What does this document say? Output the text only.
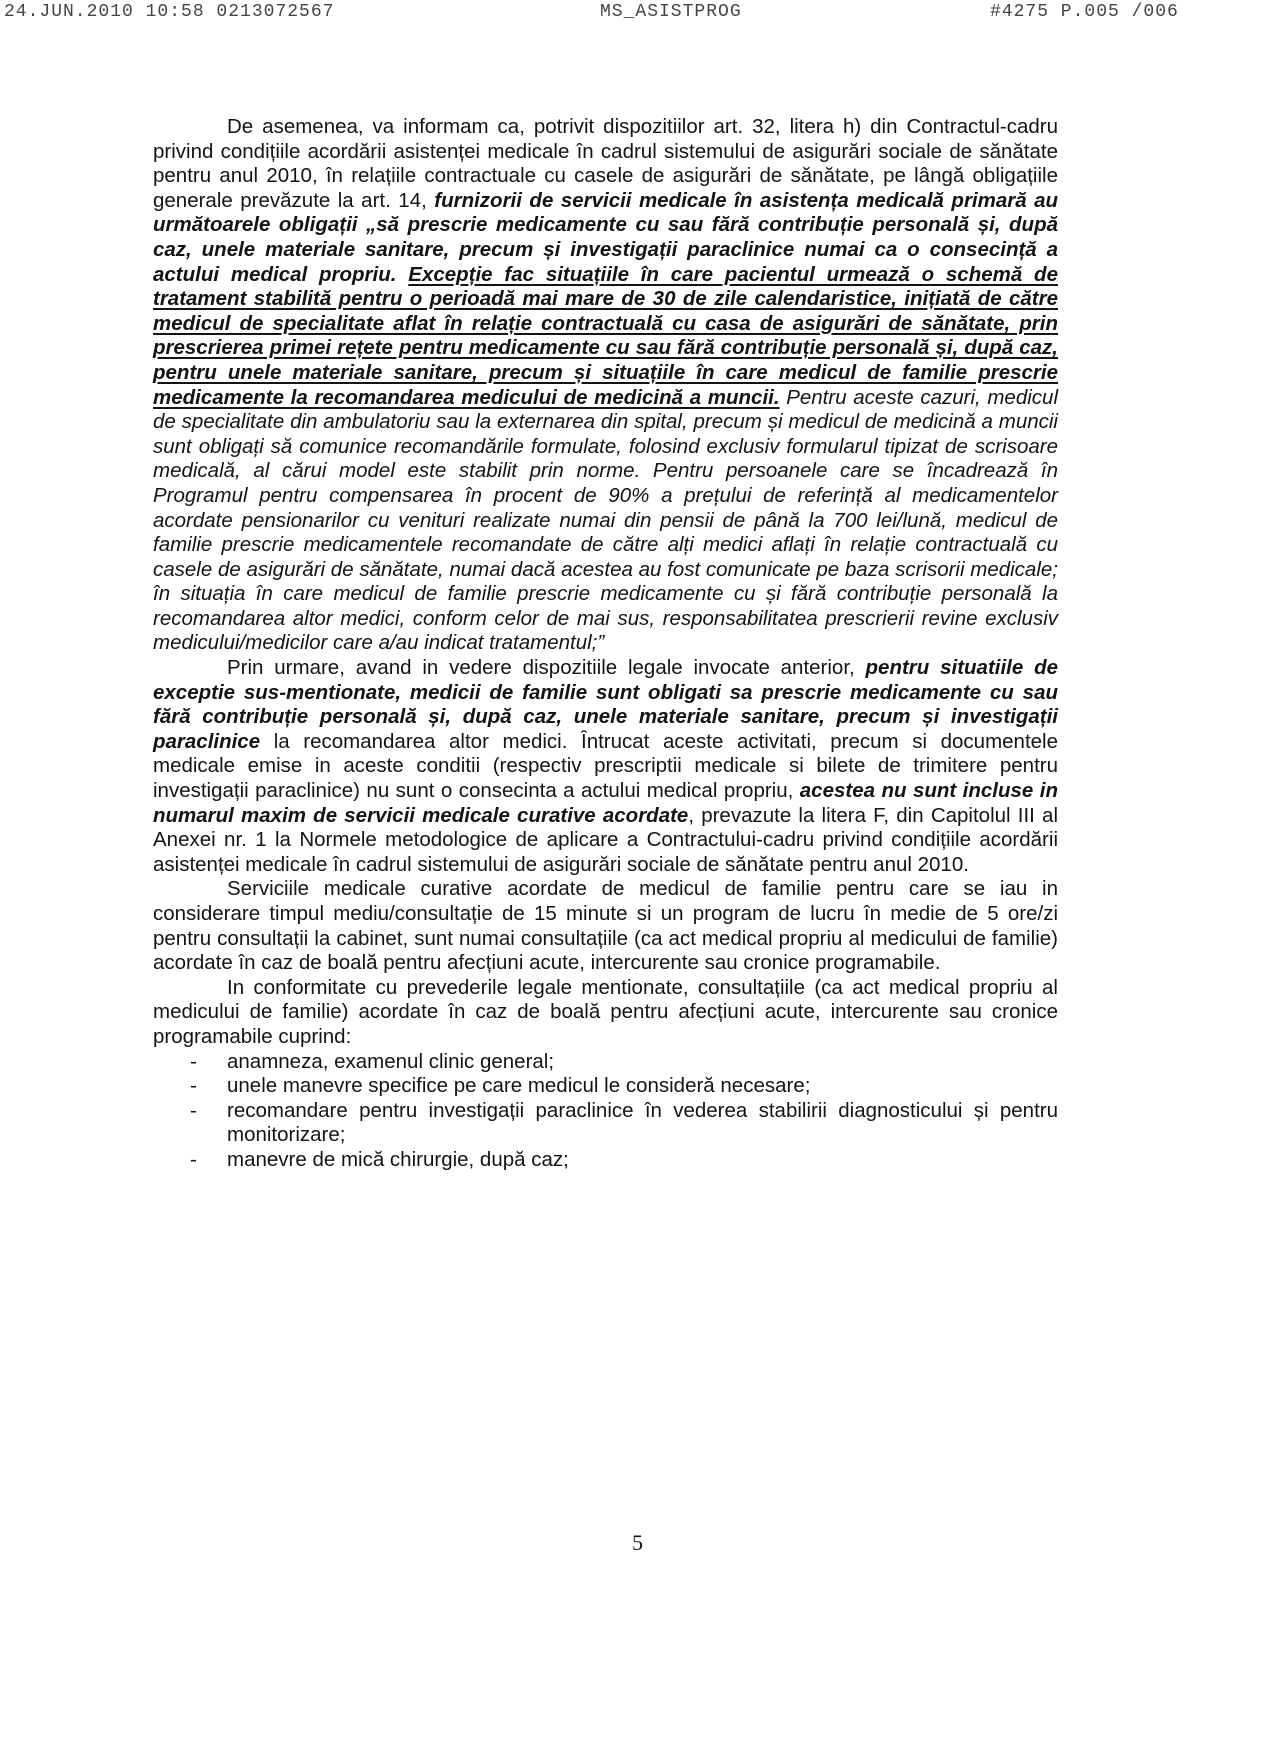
24.JUN.2010 10:58 0213072567	MS_ASISTPROG	#4275 P.005 /006

De asemenea, va informam ca, potrivit dispozitiilor art. 32, litera h) din Contractul-cadru privind condițiile acordării asistenței medicale în cadrul sistemului de asigurări sociale de sănătate pentru anul 2010, în relațiile contractuale cu casele de asigurări de sănătate, pe lângă obligațiile generale prevăzute la art. 14, furnizorii de servicii medicale în asistența medicală primară au următoarele obligații „să prescrie medicamente cu sau fără contribuție personală și, după caz, unele materiale sanitare, precum și investigații paraclinice numai ca o consecință a actului medical propriu. Excepție fac situațiile în care pacientul urmează o schemă de tratament stabilită pentru o perioadă mai mare de 30 de zile calendaristice, inițiată de către medicul de specialitate aflat în relație contractuală cu casa de asigurări de sănătate, prin prescrierea primei rețete pentru medicamente cu sau fără contribuție personală și, după caz, pentru unele materiale sanitare, precum și situațiile în care medicul de familie prescrie medicamente la recomandarea medicului de medicină a muncii. Pentru aceste cazuri, medicul de specialitate din ambulatoriu sau la externarea din spital, precum și medicul de medicină a muncii sunt obligați să comunice recomandările formulate, folosind exclusiv formularul tipizat de scrisoare medicală, al cărui model este stabilit prin norme. Pentru persoanele care se încadrează în Programul pentru compensarea în procent de 90% a prețului de referință al medicamentelor acordate pensionarilor cu venituri realizate numai din pensii de până la 700 lei/lună, medicul de familie prescrie medicamentele recomandate de către alți medici aflați în relație contractuală cu casele de asigurări de sănătate, numai dacă acestea au fost comunicate pe baza scrisorii medicale; în situația în care medicul de familie prescrie medicamente cu și fără contribuție personală la recomandarea altor medici, conform celor de mai sus, responsabilitatea prescrierii revine exclusiv medicului/medicilor care a/au indicat tratamentul;”

Prin urmare, avand in vedere dispozitiile legale invocate anterior, pentru situatiile de exceptie sus-mentionate, medicii de familie sunt obligati sa prescrie medicamente cu sau fără contribuție personală și, după caz, unele materiale sanitare, precum și investigații paraclinice la recomandarea altor medici. Întrucat aceste activitati, precum si documentele medicale emise in aceste conditii (respectiv prescriptii medicale si bilete de trimitere pentru investigații paraclinice) nu sunt o consecinta a actului medical propriu, acestea nu sunt incluse in numarul maxim de servicii medicale curative acordate, prevazute la litera F, din Capitolul III al Anexei nr. 1 la Normele metodologice de aplicare a Contractului-cadru privind condițiile acordării asistenței medicale în cadrul sistemului de asigurări sociale de sănătate pentru anul 2010.

Serviciile medicale curative acordate de medicul de familie pentru care se iau in considerare timpul mediu/consultație de 15 minute si un program de lucru în medie de 5 ore/zi pentru consultații la cabinet, sunt numai consultațiile (ca act medical propriu al medicului de familie) acordate în caz de boală pentru afecțiuni acute, intercurente sau cronice programabile.

In conformitate cu prevederile legale mentionate, consultațiile (ca act medical propriu al medicului de familie) acordate în caz de boală pentru afecțiuni acute, intercurente sau cronice programabile cuprind:

- anamneza, examenul clinic general;
- unele manevre specifice pe care medicul le consideră necesare;
- recomandare pentru investigații paraclinice în vederea stabilirii diagnosticului și pentru monitorizare;
- manevre de mică chirurgie, după caz;
5
